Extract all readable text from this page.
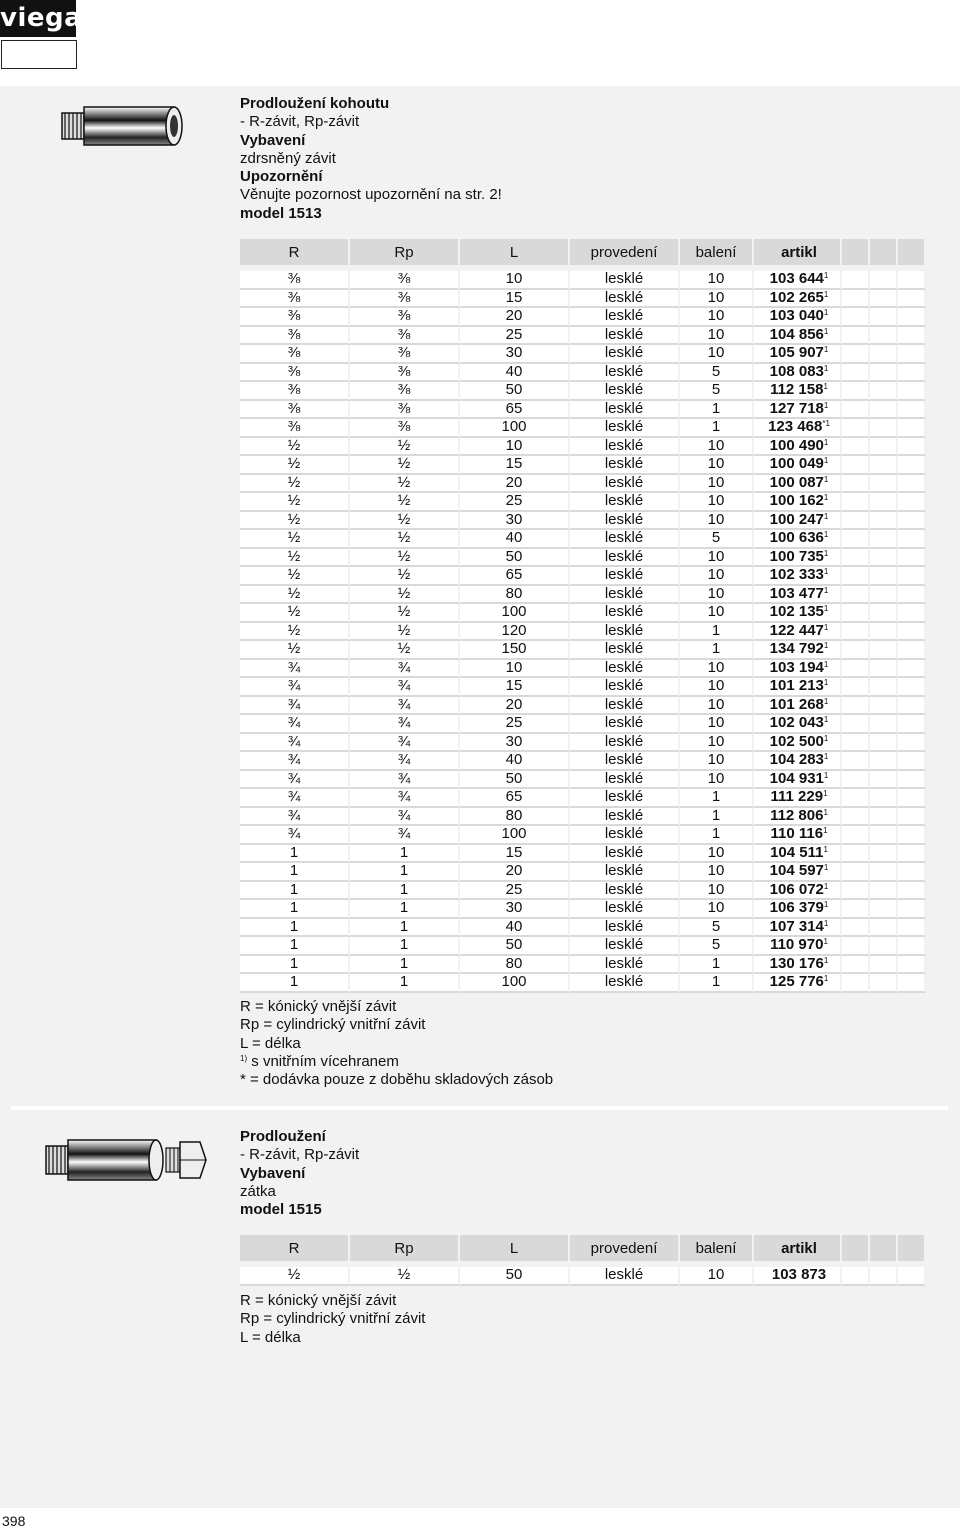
viega
Prodloužení kohoutu
- R-závit, Rp-závit
Vybavení
zdrsněný závit
Upozornění
Věnujte pozornost upozornění na str. 2!
model 1513
R	Rp	L	provedení	balení	artikl			

⅜	⅜	10	lesklé	10	103 $644^1$			
⅜	⅜	15	lesklé	10	102 $265^1$			
⅜	⅜	20	lesklé	10	103 $040^1$			
⅜	⅜	25	lesklé	10	104 $856^1$			
⅜	⅜	30	lesklé	10	105 $907^1$			
⅜	⅜	40	lesklé	5	108 $083^1$			
⅜	⅜	50	lesklé	5	112 $158^1$			
⅜	⅜	65	lesklé	1	127 $718^1$			
⅜	⅜	100	lesklé	1	123 468$^{*1}$			
½	½	10	lesklé	10	100 $490^1$			
½	½	15	lesklé	10	100 $049^1$			
½	½	20	lesklé	10	100 $087^1$			
½	½	25	lesklé	10	100 $162^1$			
½	½	30	lesklé	10	100 $247^1$			
½	½	40	lesklé	5	100 $636^1$			
½	½	50	lesklé	10	100 $735^1$			
½	½	65	lesklé	10	102 $333^1$			
½	½	80	lesklé	10	103 $477^1$			
½	½	100	lesklé	10	102 $135^1$			
½	½	120	lesklé	1	122 $447^1$			
½	½	150	lesklé	1	134 $792^1$			
¾	¾	10	lesklé	10	103 $194^1$			
¾	¾	15	lesklé	10	101 $213^1$			
¾	¾	20	lesklé	10	101 $268^1$			
¾	¾	25	lesklé	10	102 $043^1$			
¾	¾	30	lesklé	10	102 $500^1$			
¾	¾	40	lesklé	10	104 $283^1$			
¾	¾	50	lesklé	10	104 $931^1$			
¾	¾	65	lesklé	1	111 $229^1$			
¾	¾	80	lesklé	1	112 $806^1$			
¾	¾	100	lesklé	1	110 $116^1$			
1	1	15	lesklé	10	104 $511^1$			
1	1	20	lesklé	10	104 $597^1$			
1	1	25	lesklé	10	106 $072^1$			
1	1	30	lesklé	10	106 $379^1$			
1	1	40	lesklé	5	107 $314^1$			
1	1	50	lesklé	5	110 $970^1$			
1	1	80	lesklé	1	130 $176^1$			
1	1	100	lesklé	1	125 $776^1$			
R = kónický vnější závit
Rp = cylindrický vnitřní závit
L = délka
$^{1)}$ s vnitřním vícehranem
* = dodávka pouze z doběhu skladových zásob
Prodloužení
- R-závit, Rp-závit
Vybavení
zátka
model 1515
R	Rp	L	provedení	balení	artikl			

½	½	50	lesklé	10	103 873			
R = kónický vnější závit
Rp = cylindrický vnitřní závit
L = délka
398
